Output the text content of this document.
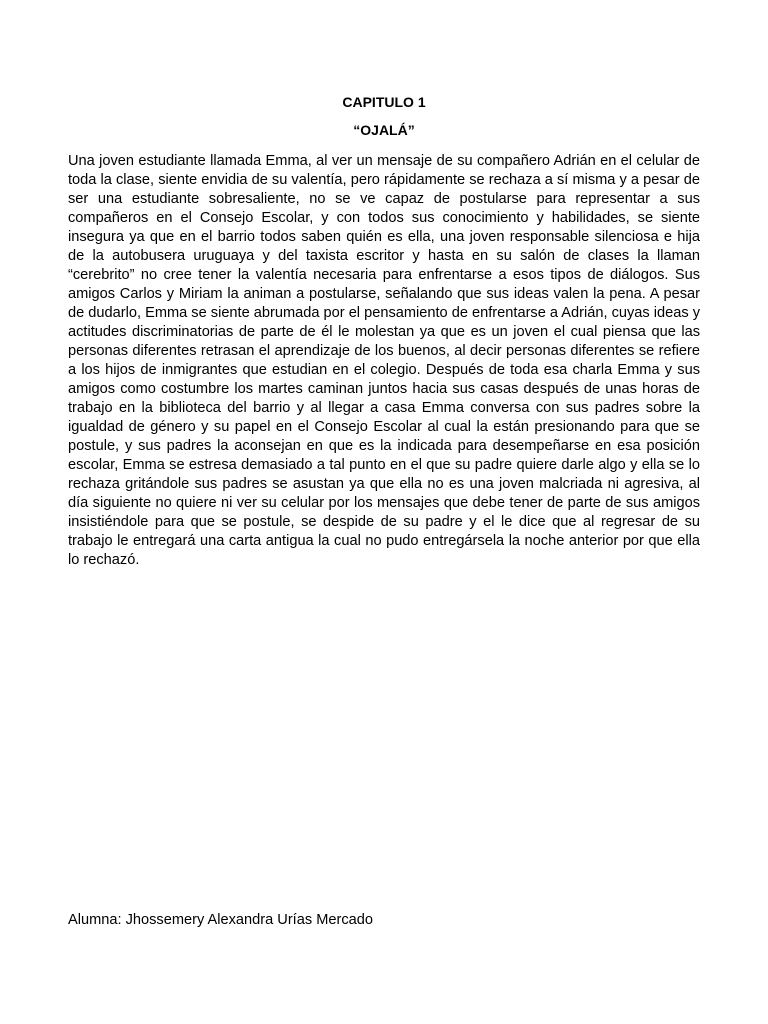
CAPITULO 1
“OJALÁ”

Una joven estudiante llamada Emma, al ver un mensaje de su compañero Adrián en el celular de toda la clase, siente envidia de su valentía, pero rápidamente se rechaza a sí misma y a pesar de ser una estudiante sobresaliente, no se ve capaz de postularse para representar a sus compañeros en el Consejo Escolar, y con todos sus conocimiento y habilidades, se siente insegura ya que en el barrio todos saben quién es ella, una joven responsable silenciosa e hija de la autobusera uruguaya y del taxista escritor y hasta en su salón de clases la llaman “cerebrito” no cree tener la valentía necesaria para enfrentarse a esos tipos de diálogos. Sus amigos Carlos y Miriam la animan a postularse, señalando que sus ideas valen la pena. A pesar de dudarlo, Emma se siente abrumada por el pensamiento de enfrentarse a Adrián, cuyas ideas y actitudes discriminatorias de parte de él le molestan ya que es un joven el cual piensa que las personas diferentes retrasan el aprendizaje de los buenos, al decir personas diferentes se refiere a los hijos de inmigrantes que estudian en el colegio. Después de toda esa charla Emma y sus amigos como costumbre los martes caminan juntos hacia sus casas después de unas horas de trabajo en la biblioteca del barrio y al llegar a casa Emma conversa con sus padres sobre la igualdad de género y su papel en el Consejo Escolar al cual la están presionando para que se postule, y sus padres la aconsejan en que es la indicada para desempeñarse en esa posición escolar, Emma se estresa demasiado a tal punto en el que su padre quiere darle algo y ella se lo rechaza gritándole sus padres se asustan ya que ella no es una joven malcriada ni agresiva, al día siguiente no quiere ni ver su celular por los mensajes que debe tener de parte de sus amigos insistiéndole para que se postule, se despide de su padre y el le dice que al regresar de su trabajo le entregará una carta antigua la cual no pudo entregársela la noche anterior por que ella lo rechazó.

Alumna: Jhossemery Alexandra Urías Mercado
